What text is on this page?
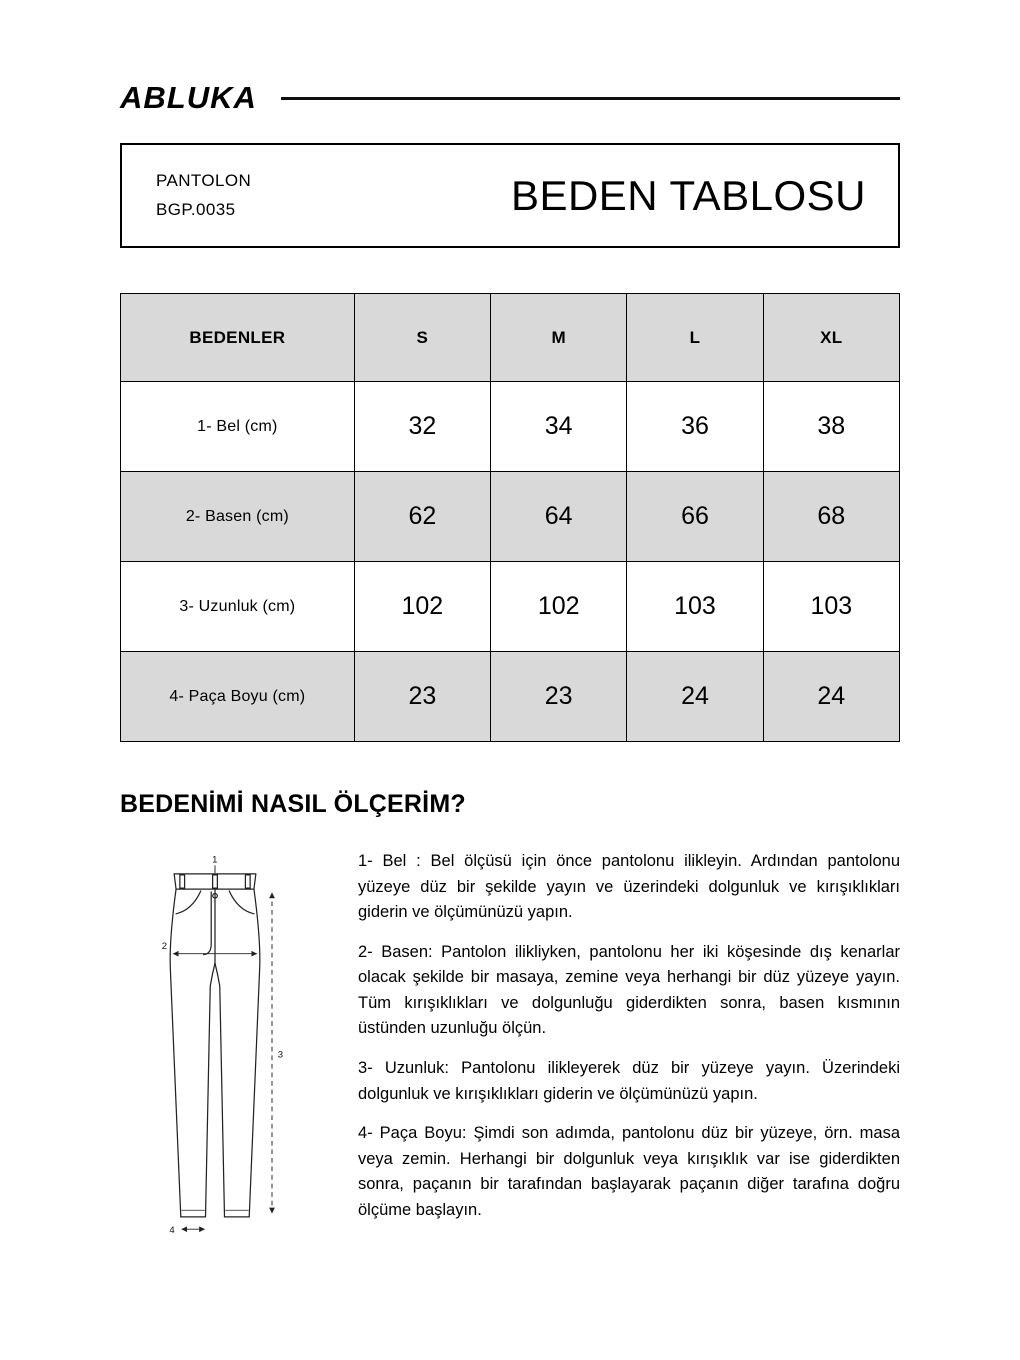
ABLUKA
PANTOLON
BGP.0035	BEDEN TABLOSU
BEDENLER	S	M	L	XL
1- Bel (cm)	32	34	36	38
2- Basen (cm)	62	64	66	68
3- Uzunluk (cm)	102	102	103	103
4- Paça Boyu (cm)	23	23	24	24
BEDENİMİ NASIL ÖLÇERİM?
1
2
3
4

1- Bel : Bel ölçüsü için önce pantolonu ilikleyin. Ardından pantolonu yüzeye düz bir şekilde yayın ve üzerindeki dolgunluk ve kırışıklıkları giderin ve ölçümünüzü yapın.

2- Basen: Pantolon ilikliyken, pantolonu her iki köşesinde dış kenarlar olacak şekilde bir masaya, zemine veya herhangi bir düz yüzeye yayın. Tüm kırışıklıkları ve dolgunluğu giderdikten sonra, basen kısmının üstünden uzunluğu ölçün.

3- Uzunluk: Pantolonu ilikleyerek düz bir yüzeye yayın. Üzerindeki dolgunluk ve kırışıklıkları giderin ve ölçümünüzü yapın.

4- Paça Boyu: Şimdi son adımda, pantolonu düz bir yüzeye, örn. masa veya zemin. Herhangi bir dolgunluk veya kırışıklık var ise giderdikten sonra, paçanın bir tarafından başlayarak paçanın diğer tarafına doğru ölçüme başlayın.
